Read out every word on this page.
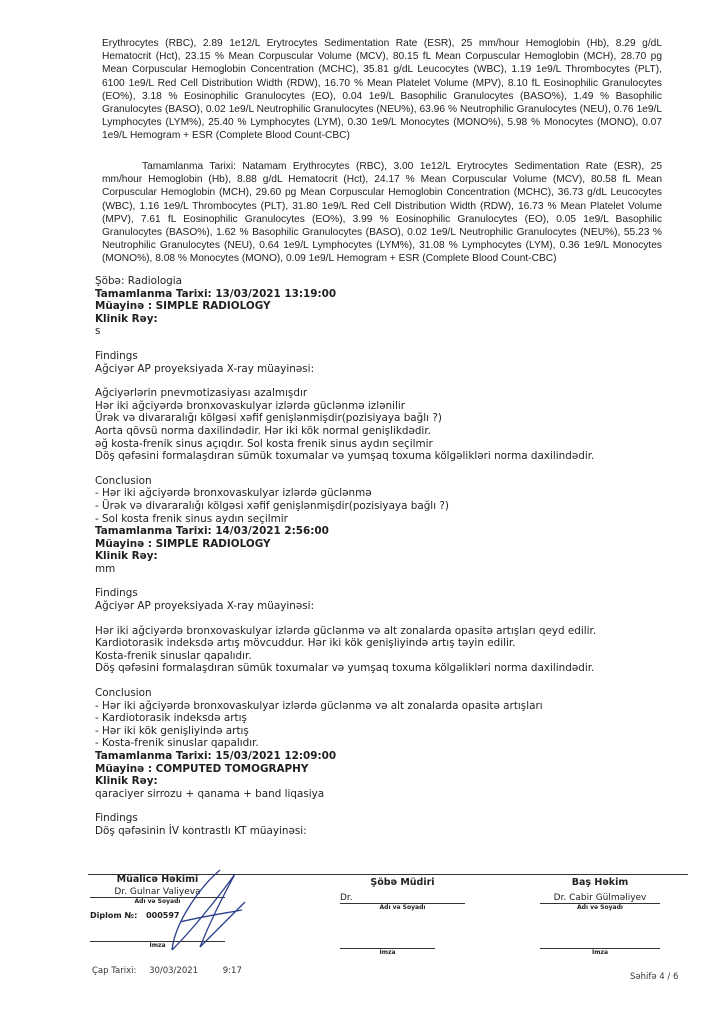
Erythrocytes (RBC), 2.89 1e12/L Erytrocytes Sedimentation Rate (ESR), 25 mm/hour Hemoglobin (Hb), 8.29 g/dL Hematocrit (Hct), 23.15 % Mean Corpuscular Volume (MCV), 80.15 fL Mean Corpuscular Hemoglobin (MCH), 28.70 pg Mean Corpuscular Hemoglobin Concentration (MCHC), 35.81 g/dL Leucocytes (WBC), 1.19 1e9/L Thrombocytes (PLT), 6100 1e9/L Red Cell Distribution Width (RDW), 16.70 % Mean Platelet Volume (MPV), 8.10 fL Eosinophilic Granulocytes (EO%), 3.18 % Eosinophilic Granulocytes (EO), 0.04 1e9/L Basophilic Granulocytes (BASO%), 1.49 % Basophilic Granulocytes (BASO), 0.02 1e9/L Neutrophilic Granulocytes (NEU%), 63.96 % Neutrophilic Granulocytes (NEU), 0.76 1e9/L Lymphocytes (LYM%), 25.40 % Lymphocytes (LYM), 0.30 1e9/L Monocytes (MONO%), 5.98 % Monocytes (MONO), 0.07 1e9/L Hemogram + ESR (Complete Blood Count-CBC)
Tamamlanma Tarixi: Natamam Erythrocytes (RBC), 3.00 1e12/L Erytrocytes Sedimentation Rate (ESR), 25 mm/hour Hemoglobin (Hb), 8.88 g/dL Hematocrit (Hct), 24.17 % Mean Corpuscular Volume (MCV), 80.58 fL Mean Corpuscular Hemoglobin (MCH), 29.60 pg Mean Corpuscular Hemoglobin Concentration (MCHC), 36.73 g/dL Leucocytes (WBC), 1.16 1e9/L Thrombocytes (PLT), 31.80 1e9/L Red Cell Distribution Width (RDW), 16.73 % Mean Platelet Volume (MPV), 7.61 fL Eosinophilic Granulocytes (EO%), 3.99 % Eosinophilic Granulocytes (EO), 0.05 1e9/L Basophilic Granulocytes (BASO%), 1.62 % Basophilic Granulocytes (BASO), 0.02 1e9/L Neutrophilic Granulocytes (NEU%), 55.23 % Neutrophilic Granulocytes (NEU), 0.64 1e9/L Lymphocytes (LYM%), 31.08 % Lymphocytes (LYM), 0.36 1e9/L Monocytes (MONO%), 8.08 % Monocytes (MONO), 0.09 1e9/L Hemogram + ESR (Complete Blood Count-CBC)
Şöbə: Radiologia
Tamamlanma Tarixi: 13/03/2021 13:19:00
Müayinə : SIMPLE RADIOLOGY
Klinik Rəy:
s
Findings
Ağciyər AP proyeksiyada X-ray müayinəsi:
Ağciyərlərin pnevmotizasiyası azalmışdır
Hər iki ağciyərdə bronxovaskulyar izlərdə güclənmə izlənilir
Ürək və divararalığı kölgəsi xəfif genişlənmişdir(pozisiyaya bağlı ?)
Aorta qövsü norma daxilindədir. Hər iki kök normal genişlikdədir.
əğ kosta-frenik sinus açıqdır. Sol kosta frenik sinus aydın seçilmir
Döş qəfəsini formalaşdıran sümük toxumalar və yumşaq toxuma kölgəlikləri norma daxilindədir.
Conclusion
- Hər iki ağciyərdə bronxovaskulyar izlərdə güclənmə
- Ürək və divararalığı kölgəsi xəfif genişlənmişdir(pozisiyaya bağlı ?)
- Sol kosta frenik sinus aydın seçilmir
Tamamlanma Tarixi: 14/03/2021 2:56:00
Müayinə : SIMPLE RADIOLOGY
Klinik Rəy:
mm
Findings
Ağciyər AP proyeksiyada X-ray müayinəsi:
Hər iki ağciyərdə bronxovaskulyar izlərdə güclənmə və alt zonalarda opasitə artışları qeyd edilir.
Kardiotorasik indeksdə artış mövcuddur. Hər iki kök genişliyində artış təyin edilir.
Kosta-frenik sinuslar qapalıdır.
Döş qəfəsini formalaşdıran sümük toxumalar və yumşaq toxuma kölgəlikləri norma daxilindədir.
Conclusion
- Hər iki ağciyərdə bronxovaskulyar izlərdə güclənmə və alt zonalarda opasitə artışları
- Kardiotorasik indeksdə artış
- Hər iki kök genişliyində artış
- Kosta-frenik sinuslar qapalıdır.
Tamamlanma Tarixi: 15/03/2021 12:09:00
Müayinə : COMPUTED TOMOGRAPHY
Klinik Rəy:
qaraciyer sirrozu + qanama + band liqasiya
Findings
Döş qəfəsinin İV kontrastlı KT müayinəsi:
Müalicə Həkimi
Dr. Gulnar Valiyeva
Adı və Soyadı
Diplom №: 000597
İmza
Şöbə Müdiri
Dr.
Adı və Soyadı
İmza
Baş Həkim
Dr. Cabir Gülməliyev
Adı və Soyadı
İmza
Çap Tarixi: 30/03/2021	9:17
Səhifə 4 / 6
